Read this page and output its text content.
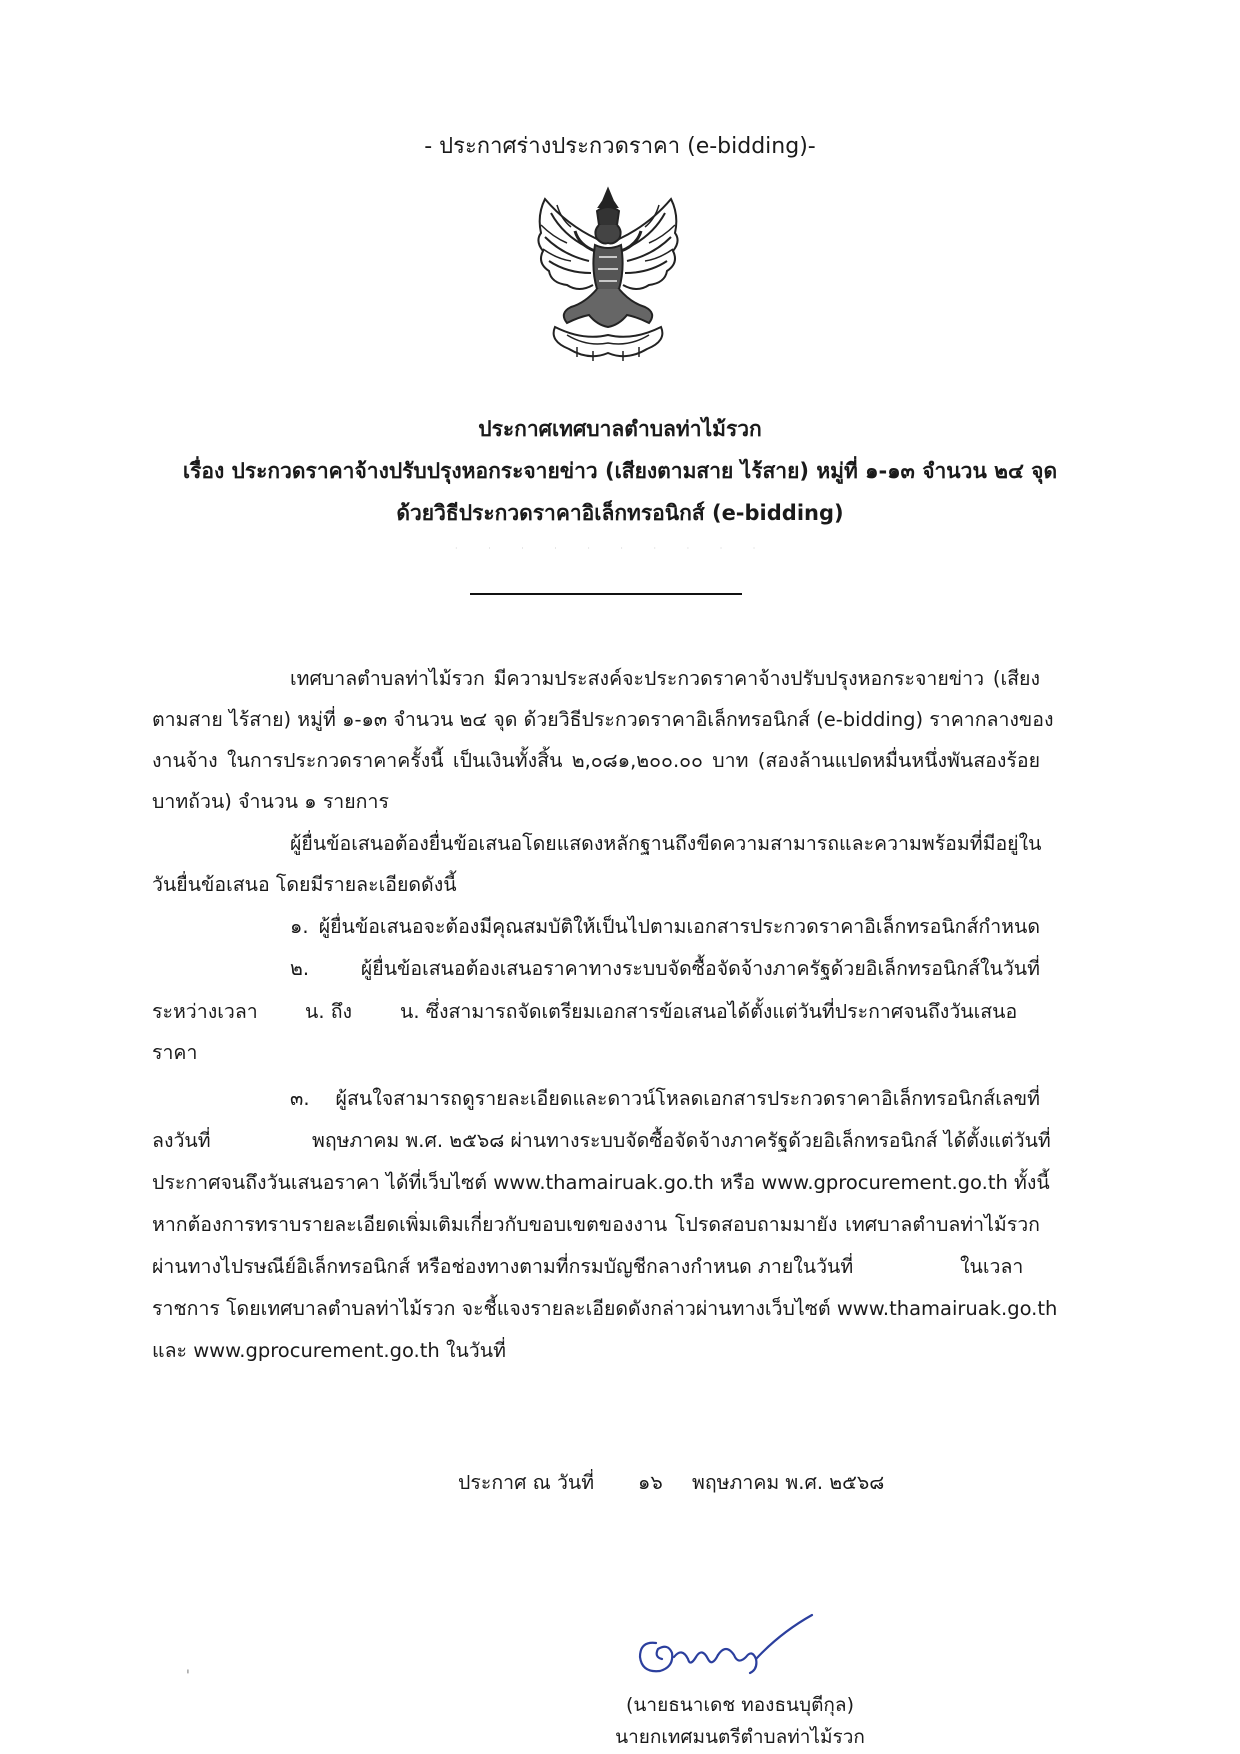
- ประกาศร่างประกวดราคา (e-bidding)-
ประกาศเทศบาลตำบลท่าไม้รวก
เรื่อง ประกวดราคาจ้างปรับปรุงหอกระจายข่าว (เสียงตามสาย ไร้สาย) หมู่ที่ ๑-๑๓ จำนวน ๒๔ จุด
ด้วยวิธีประกวดราคาอิเล็กทรอนิกส์ (e-bidding)
· · · · · · · · · ·
เทศบาลตำบลท่าไม้รวก มีความประสงค์จะประกวดราคาจ้างปรับปรุงหอกระจายข่าว (เสียง
ตามสาย ไร้สาย) หมู่ที่ ๑-๑๓ จำนวน ๒๔ จุด ด้วยวิธีประกวดราคาอิเล็กทรอนิกส์ (e-bidding) ราคากลางของ
งานจ้าง ในการประกวดราคาครั้งนี้ เป็นเงินทั้งสิ้น ๒,๐๘๑,๒๐๐.๐๐ บาท (สองล้านแปดหมื่นหนึ่งพันสองร้อย
บาทถ้วน) จำนวน ๑ รายการ
ผู้ยื่นข้อเสนอต้องยื่นข้อเสนอโดยแสดงหลักฐานถึงขีดความสามารถและความพร้อมที่มีอยู่ใน
วันยื่นข้อเสนอ โดยมีรายละเอียดดังนี้
๑. ผู้ยื่นข้อเสนอจะต้องมีคุณสมบัติให้เป็นไปตามเอกสารประกวดราคาอิเล็กทรอนิกส์กำหนด
๒. ผู้ยื่นข้อเสนอต้องเสนอราคาทางระบบจัดซื้อจัดจ้างภาครัฐด้วยอิเล็กทรอนิกส์ในวันที่
ระหว่างเวลา น. ถึง น. ซึ่งสามารถจัดเตรียมเอกสารข้อเสนอได้ตั้งแต่วันที่ประกาศจนถึงวันเสนอ
ราคา
๓. ผู้สนใจสามารถดูรายละเอียดและดาวน์โหลดเอกสารประกวดราคาอิเล็กทรอนิกส์เลขที่
ลงวันที่	พฤษภาคม พ.ศ. ๒๕๖๘ ผ่านทางระบบจัดซื้อจัดจ้างภาครัฐด้วยอิเล็กทรอนิกส์ ได้ตั้งแต่วันที่
ประกาศจนถึงวันเสนอราคา ได้ที่เว็บไซต์ www.thamairuak.go.th หรือ www.gprocurement.go.th ทั้งนี้
หากต้องการทราบรายละเอียดเพิ่มเติมเกี่ยวกับขอบเขตของงาน โปรดสอบถามมายัง เทศบาลตำบลท่าไม้รวก
ผ่านทางไปรษณีย์อิเล็กทรอนิกส์ หรือช่องทางตามที่กรมบัญชีกลางกำหนด ภายในวันที่	ในเวลา
ราชการ โดยเทศบาลตำบลท่าไม้รวก จะชี้แจงรายละเอียดดังกล่าวผ่านทางเว็บไซต์ www.thamairuak.go.th
และ www.gprocurement.go.th ในวันที่
ประกาศ ณ วันที่ ๑๖ พฤษภาคม พ.ศ. ๒๕๖๘
(นายธนาเดช ทองธนบุตีกุล)
นายกเทศมนตรีตำบลท่าไม้รวก
'
